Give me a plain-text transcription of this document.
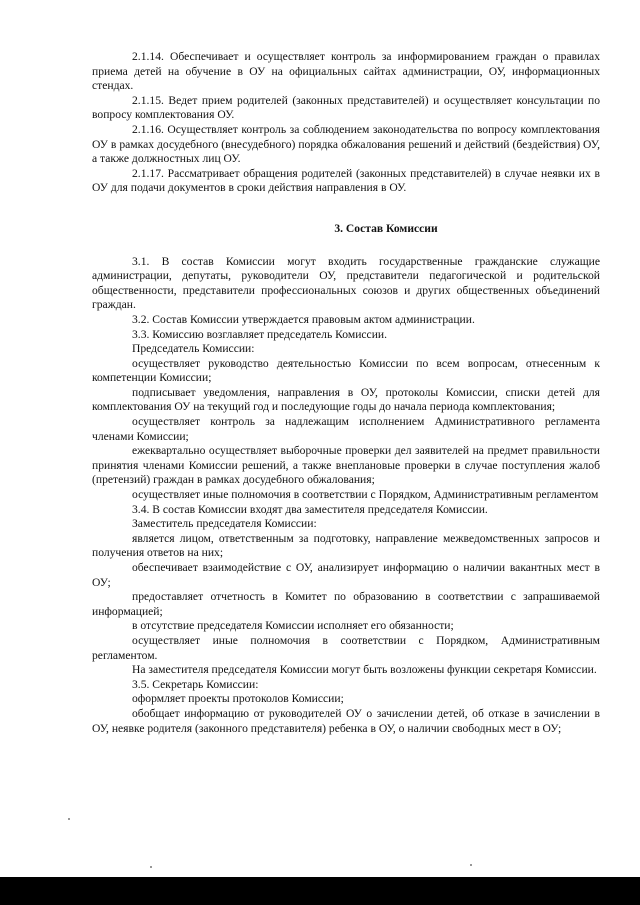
2.1.14. Обеспечивает и осуществляет контроль за информированием граждан о правилах приема детей на обучение в ОУ на официальных сайтах администрации, ОУ, информационных стендах.

2.1.15. Ведет прием родителей (законных представителей) и осуществляет консультации по вопросу комплектования ОУ.

2.1.16. Осуществляет контроль за соблюдением законодательства по вопросу комплектования ОУ в рамках досудебного (внесудебного) порядка обжалования решений и действий (бездействия) ОУ, а также должностных лиц ОУ.

2.1.17. Рассматривает обращения родителей (законных представителей) в случае неявки их в ОУ для подачи документов в сроки действия направления в ОУ.

3. Состав Комиссии

3.1. В состав Комиссии могут входить государственные гражданские служащие администрации, депутаты, руководители ОУ, представители педагогической и родительской общественности, представители профессиональных союзов и других общественных объединений граждан.

3.2. Состав Комиссии утверждается правовым актом администрации.

3.3. Комиссию возглавляет председатель Комиссии.

Председатель Комиссии:

осуществляет руководство деятельностью Комиссии по всем вопросам, отнесенным к компетенции Комиссии;

подписывает уведомления, направления в ОУ, протоколы Комиссии, списки детей для комплектования ОУ на текущий год и последующие годы до начала периода комплектования;

осуществляет контроль за надлежащим исполнением Административного регламента членами Комиссии;

ежеквартально осуществляет выборочные проверки дел заявителей на предмет правильности принятия членами Комиссии решений, а также внеплановые проверки в случае поступления жалоб (претензий) граждан в рамках досудебного обжалования;

осуществляет иные полномочия в соответствии с Порядком, Административным регламентом

3.4. В состав Комиссии входят два заместителя председателя Комиссии.

Заместитель председателя Комиссии:

является лицом, ответственным за подготовку, направление межведомственных запросов и получения ответов на них;

обеспечивает взаимодействие с ОУ, анализирует информацию о наличии вакантных мест в ОУ;

предоставляет отчетность в Комитет по образованию в соответствии с запрашиваемой информацией;

в отсутствие председателя Комиссии исполняет его обязанности;

осуществляет иные полномочия в соответствии с Порядком, Административным регламентом.

На заместителя председателя Комиссии могут быть возложены функции секретаря Комиссии.

3.5. Секретарь Комиссии:

оформляет проекты протоколов Комиссии;

обобщает информацию от руководителей ОУ о зачислении детей, об отказе в зачислении в ОУ, неявке родителя (законного представителя) ребенка в ОУ, о наличии свободных мест в ОУ;
